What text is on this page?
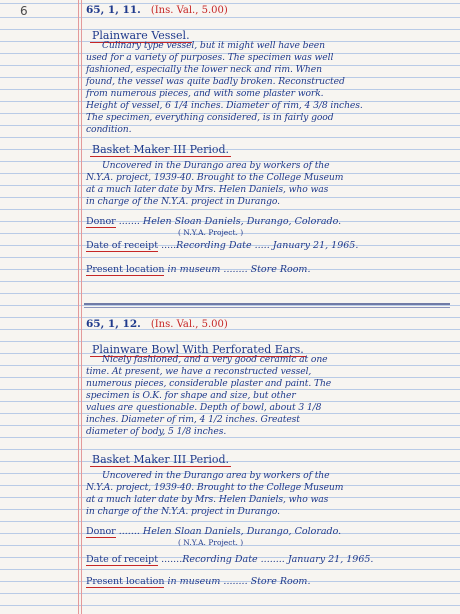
6	65, 1, 11. (Ins. Val., 5.00)
Plainware Vessel.

Culinary type vessel, but it might well have been

used for a variety of purposes. The specimen was well

fashioned, especially the lower neck and rim. When

found, the vessel was quite badly broken. Reconstructed

from numerous pieces, and with some plaster work.

Height of vessel, 6 1/4 inches. Diameter of rim, 4 3/8 inches.

The specimen, everything considered, is in fairly good

condition.

Basket Maker III Period.

Uncovered in the Durango area by workers of the

N.Y.A. project, 1939-40. Brought to the College Museum

at a much later date by Mrs. Helen Daniels, who was

in charge of the N.Y.A. project in Durango.

Donor ....... Helen Sloan Daniels, Durango, Colorado.
( N.Y.A. Project. )
Date of receipt .....Recording Date ..... January 21, 1965.
Present location in museum ........ Store Room.
65, 1, 12. (Ins. Val., 5.00)
Plainware Bowl With Perforated Ears.

Nicely fashioned, and a very good ceramic at one

time. At present, we have a reconstructed vessel,

numerous pieces, considerable plaster and paint. The

specimen is O.K. for shape and size, but other

values are questionable. Depth of bowl, about 3 1/8

inches. Diameter of rim, 4 1/2 inches. Greatest

diameter of body, 5 1/8 inches.

Basket Maker III Period.

Uncovered in the Durango area by workers of the

N.Y.A. project, 1939-40. Brought to the College Museum

at a much later date by Mrs. Helen Daniels, who was

in charge of the N.Y.A. project in Durango.

Donor ....... Helen Sloan Daniels, Durango, Colorado.
( N.Y.A. Project. )
Date of receipt .......Recording Date ........ January 21, 1965.
Present location in museum ........ Store Room.
